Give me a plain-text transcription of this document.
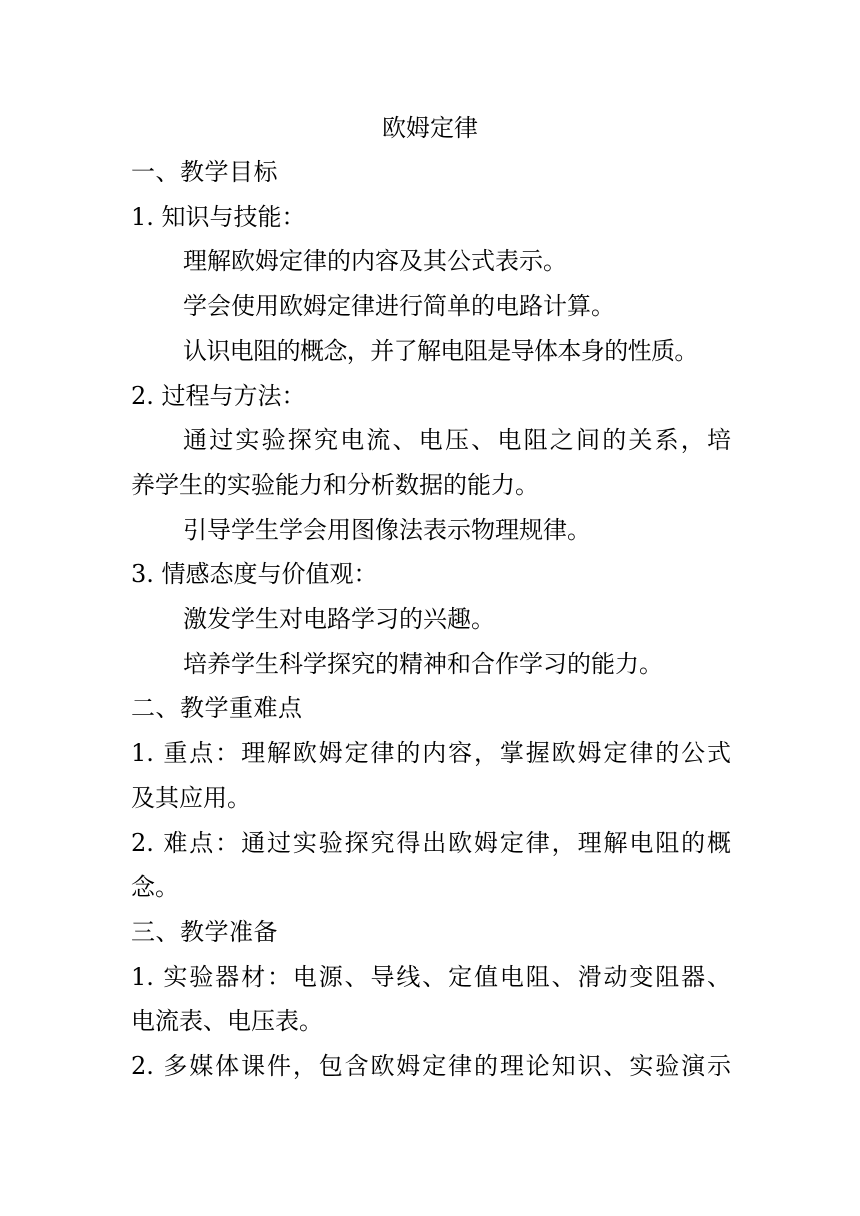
欧姆定律

一、教学目标

1. 知识与技能：

理解欧姆定律的内容及其公式表示。

学会使用欧姆定律进行简单的电路计算。

认识电阻的概念，并了解电阻是导体本身的性质。

2. 过程与方法：

通过实验探究电流、电压、电阻之间的关系，培

养学生的实验能力和分析数据的能力。

引导学生学会用图像法表示物理规律。

3. 情感态度与价值观：

激发学生对电路学习的兴趣。

培养学生科学探究的精神和合作学习的能力。

二、教学重难点

1. 重点：理解欧姆定律的内容，掌握欧姆定律的公式

及其应用。

2. 难点：通过实验探究得出欧姆定律，理解电阻的概

念。

三、教学准备

1. 实验器材：电源、导线、定值电阻、滑动变阻器、

电流表、电压表。

2. 多媒体课件，包含欧姆定律的理论知识、实验演示
